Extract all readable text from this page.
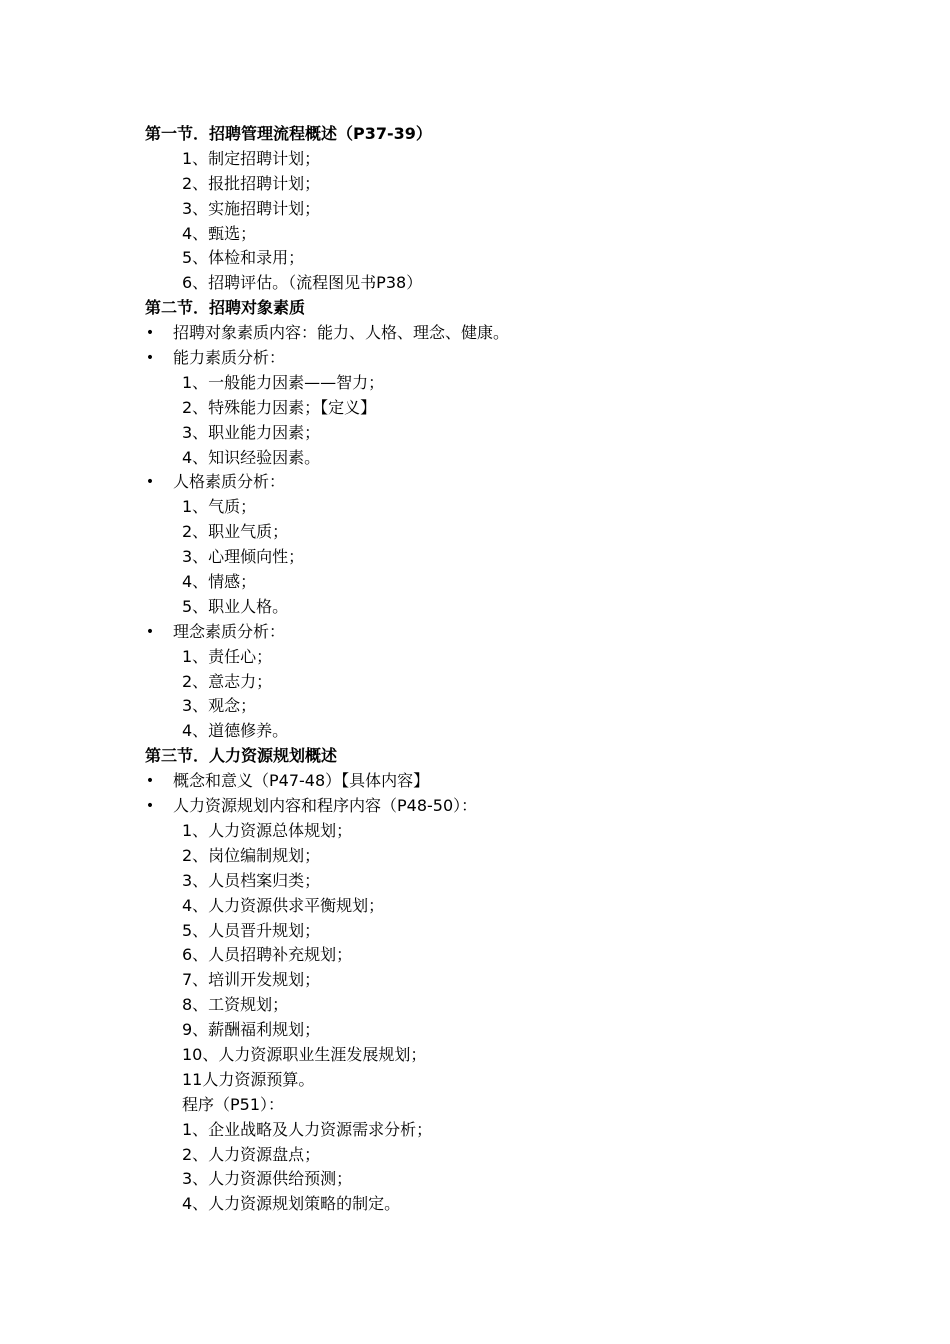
第一节．招聘管理流程概述（P37-39）
1、制定招聘计划；
2、报批招聘计划；
3、实施招聘计划；
4、甄选；
5、体检和录用；
6、招聘评估。（流程图见书P38）
第二节．招聘对象素质
• 招聘对象素质内容：能力、人格、理念、健康。
• 能力素质分析：
1、一般能力因素——智力；
2、特殊能力因素；【定义】
3、职业能力因素；
4、知识经验因素。
• 人格素质分析：
1、气质；
2、职业气质；
3、心理倾向性；
4、情感；
5、职业人格。
• 理念素质分析：
1、责任心；
2、意志力；
3、观念；
4、道德修养。
第三节．人力资源规划概述
• 概念和意义（P47-48）【具体内容】
• 人力资源规划内容和程序内容（P48-50）：
1、人力资源总体规划；
2、岗位编制规划；
3、人员档案归类；
4、人力资源供求平衡规划；
5、人员晋升规划；
6、人员招聘补充规划；
7、培训开发规划；
8、工资规划；
9、薪酬福利规划；
10、人力资源职业生涯发展规划；
11人力资源预算。
程序（P51）：
1、企业战略及人力资源需求分析；
2、人力资源盘点；
3、人力资源供给预测；
4、人力资源规划策略的制定。
